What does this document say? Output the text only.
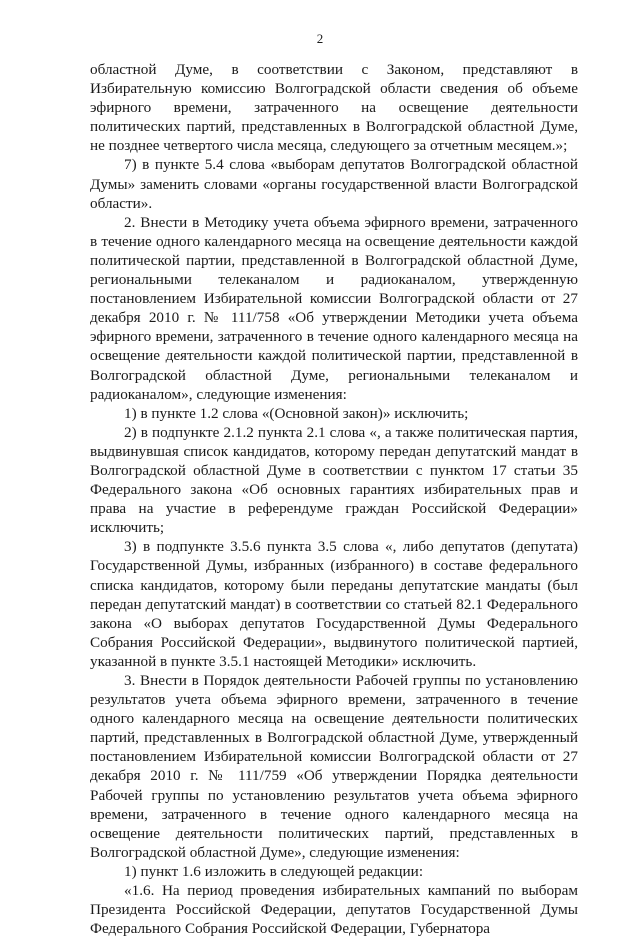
2

областной Думе, в соответствии с Законом, представляют в Избирательную комиссию Волгоградской области сведения об объеме эфирного времени, затраченного на освещение деятельности политических партий, представленных в Волгоградской областной Думе, не позднее четвертого числа месяца, следующего за отчетным месяцем.»;

7) в пункте 5.4 слова «выборам депутатов Волгоградской областной Думы» заменить словами «органы государственной власти Волгоградской области».

2. Внести в Методику учета объема эфирного времени, затраченного в течение одного календарного месяца на освещение деятельности каждой политической партии, представленной в Волгоградской областной Думе, региональными телеканалом и радиоканалом, утвержденную постановлением Избирательной комиссии Волгоградской области от 27 декабря 2010 г. № 111/758 «Об утверждении Методики учета объема эфирного времени, затраченного в течение одного календарного месяца на освещение деятельности каждой политической партии, представленной в Волгоградской областной Думе, региональными телеканалом и радиоканалом», следующие изменения:

1) в пункте 1.2 слова «(Основной закон)» исключить;

2) в подпункте 2.1.2 пункта 2.1 слова «, а также политическая партия, выдвинувшая список кандидатов, которому передан депутатский мандат в Волгоградской областной Думе в соответствии с пунктом 17 статьи 35 Федерального закона «Об основных гарантиях избирательных прав и права на участие в референдуме граждан Российской Федерации» исключить;

3) в подпункте 3.5.6 пункта 3.5 слова «, либо депутатов (депутата) Государственной Думы, избранных (избранного) в составе федерального списка кандидатов, которому были переданы депутатские мандаты (был передан депутатский мандат) в соответствии со статьей 82.1 Федерального закона «О выборах депутатов Государственной Думы Федерального Собрания Российской Федерации», выдвинутого политической партией, указанной в пункте 3.5.1 настоящей Методики» исключить.

3. Внести в Порядок деятельности Рабочей группы по установлению результатов учета объема эфирного времени, затраченного в течение одного календарного месяца на освещение деятельности политических партий, представленных в Волгоградской областной Думе, утвержденный постановлением Избирательной комиссии Волгоградской области от 27 декабря 2010 г. № 111/759 «Об утверждении Порядка деятельности Рабочей группы по установлению результатов учета объема эфирного времени, затраченного в течение одного календарного месяца на освещение деятельности политических партий, представленных в Волгоградской областной Думе», следующие изменения:

1) пункт 1.6 изложить в следующей редакции:

«1.6. На период проведения избирательных кампаний по выборам Президента Российской Федерации, депутатов Государственной Думы Федерального Собрания Российской Федерации, Губернатора
